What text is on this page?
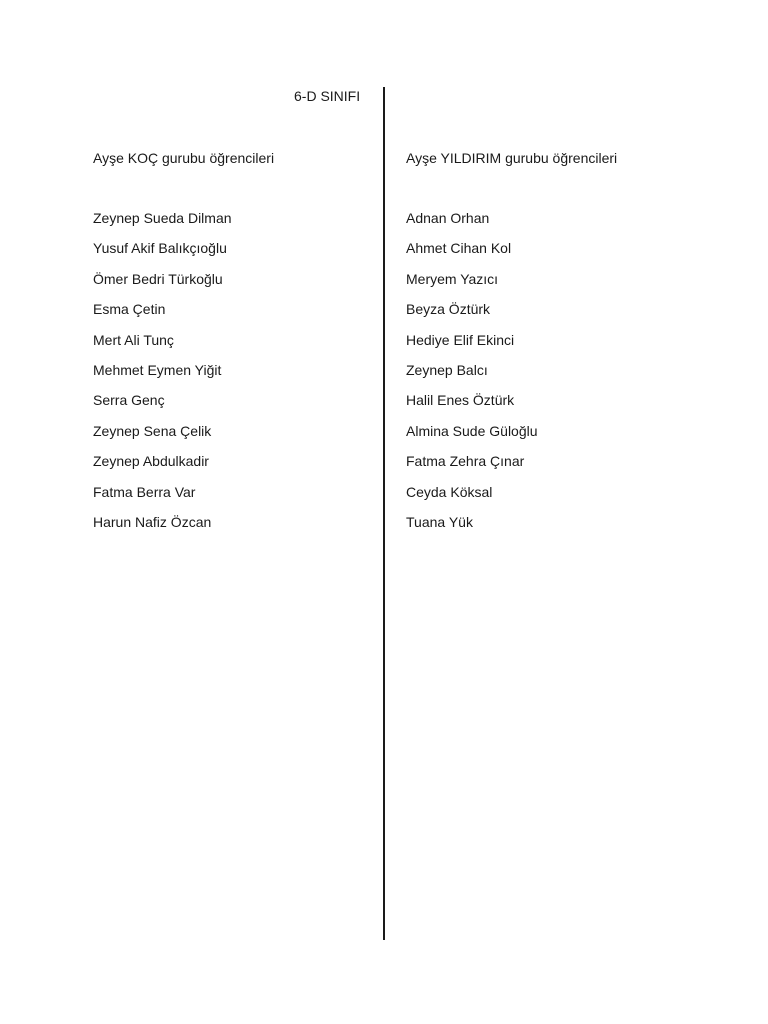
6-D SINIFI
Ayşe KOÇ gurubu öğrencileri
Zeynep Sueda Dilman
Yusuf Akif Balıkçıoğlu
Ömer Bedri Türkoğlu
Esma Çetin
Mert Ali Tunç
Mehmet Eymen Yiğit
Serra Genç
Zeynep Sena Çelik
Zeynep Abdulkadir
Fatma Berra Var
Harun Nafiz Özcan
Ayşe YILDIRIM gurubu öğrencileri
Adnan Orhan
Ahmet Cihan Kol
Meryem Yazıcı
Beyza Öztürk
Hediye Elif Ekinci
Zeynep Balcı
Halil Enes Öztürk
Almina Sude Güloğlu
Fatma Zehra Çınar
Ceyda Köksal
Tuana Yük
